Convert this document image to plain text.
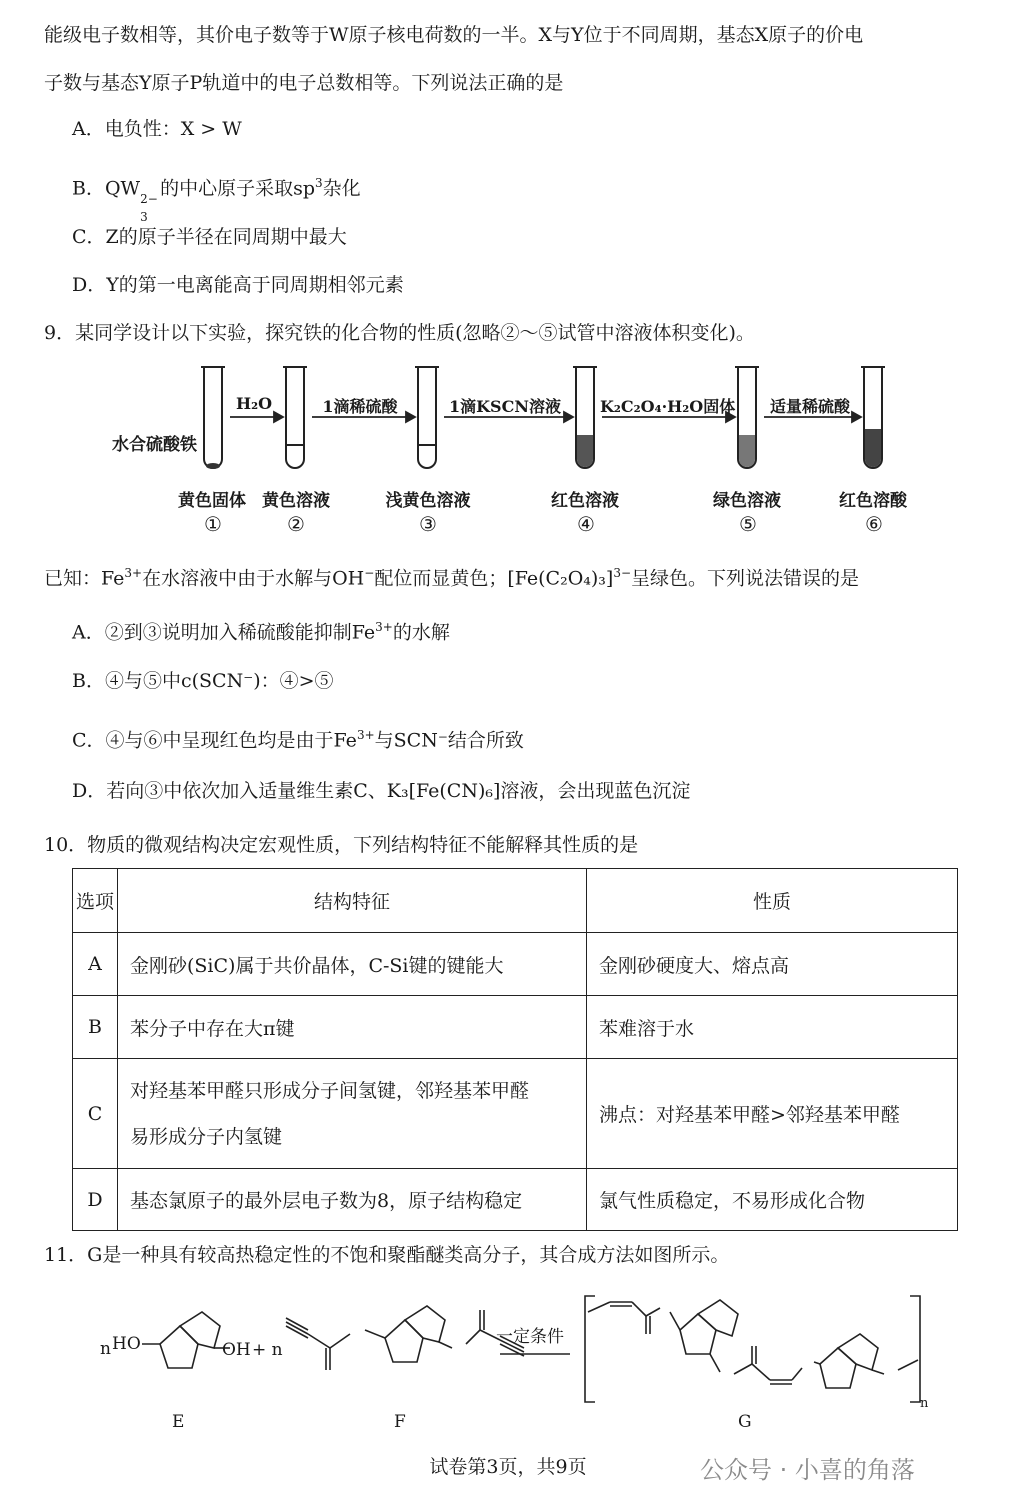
能级电子数相等，其价电子数等于W原子核电荷数的一半。X与Y位于不同周期，基态X原子的价电
子数与基态Y原子P轨道中的电子总数相等。下列说法正确的是
A．电负性：X > W
B．QW 2−
3
的中心原子采取$sp^3$杂化
C．Z的原子半径在同周期中最大
D．Y的第一电离能高于同周期相邻元素
9．某同学设计以下实验，探究铁的化合物的性质(忽略②～⑤试管中溶液体积变化)。
H₂O	1滴稀硫酸	1滴KSCN溶液	K₂C₂O₄·H₂O固体	适量稀硫酸
水合硫酸铁
黄色固体 黄色溶液	浅黄色溶液	红色溶液	绿色溶液	红色溶酸
①	②	③	④	⑤	⑥
已知：$Fe^{3+}$在水溶液中由于水解与OH−配位而显黄色；$[Fe(C_2O_4)_3]^{3-}$呈绿色。下列说法错误的是
A．②到③说明加入稀硫酸能抑制$Fe^{3+}$的水解
B．④与⑤中c(SCN⁻)：④>⑤
C．④与⑥中呈现红色均是由于$Fe^{3+}$与SCN⁻结合所致
D．若向③中依次加入适量维生素C、K₃[Fe(CN)₆]溶液，会出现蓝色沉淀
10．物质的微观结构决定宏观性质，下列结构特征不能解释其性质的是
选项	结构特征	性质
A	金刚砂(SiC)属于共价晶体，C-Si键的键能大	金刚砂硬度大、熔点高
B	苯分子中存在大π键	苯难溶于水
C	对羟基苯甲醛只形成分子间氢键，邻羟基苯甲醛
易形成分子内氢键	沸点：对羟基苯甲醛>邻羟基苯甲醛
D	基态氯原子的最外层电子数为8，原子结构稳定	氯气性质稳定，不易形成化合物
11．G是一种具有较高热稳定性的不饱和聚酯醚类高分子，其合成方法如图所示。
n HO	OH + n
一定条件
n
E	F	G
试卷第3页，共9页	公众号 · 小喜的角落
